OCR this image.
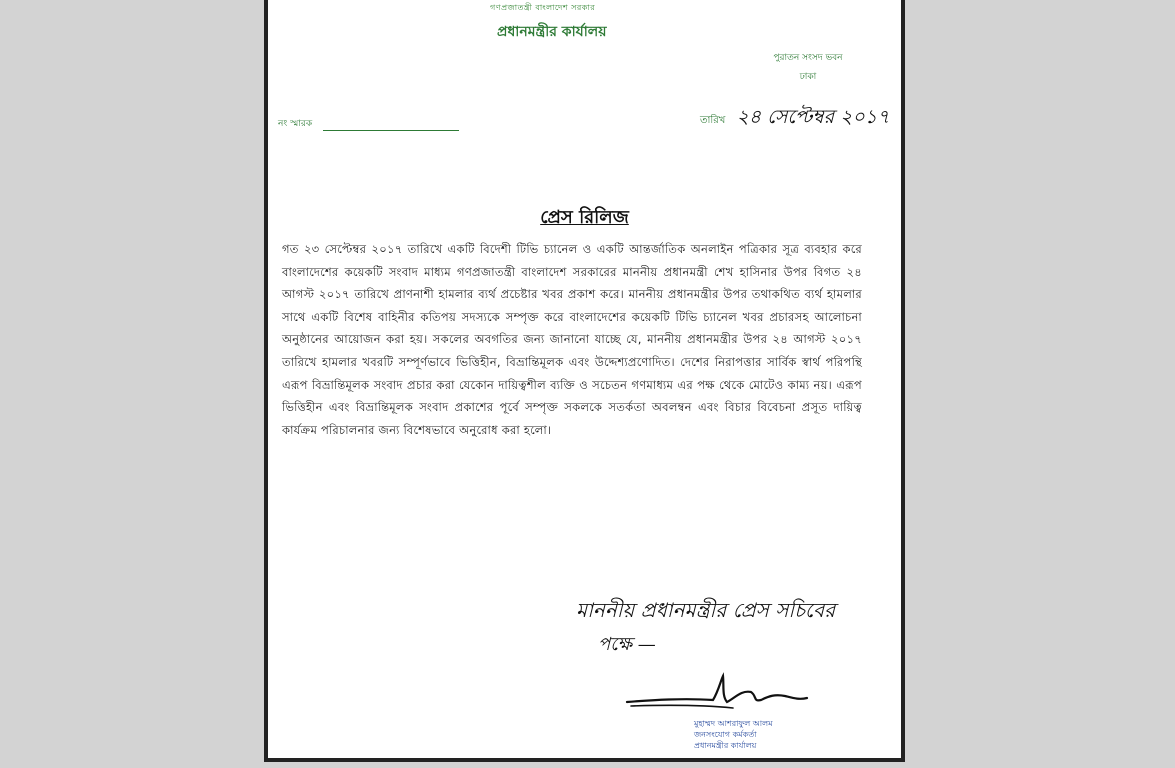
গণপ্রজাতন্ত্রী বাংলাদেশ সরকার
প্রধানমন্ত্রীর কার্যালয়
পুরাতন সংসদ ভবন
ঢাকা
নং স্মারক	তারিখ ২৪ সেপ্টেম্বর ২০১৭
প্রেস রিলিজ
গত ২৩ সেপ্টেম্বর ২০১৭ তারিখে একটি বিদেশী টিভি চ্যানেল ও একটি আন্তর্জাতিক অনলাইন পত্রিকার সূত্র ব্যবহার করে বাংলাদেশের কয়েকটি সংবাদ মাধ্যম গণপ্রজাতন্ত্রী বাংলাদেশ সরকারের মাননীয় প্রধানমন্ত্রী শেখ হাসিনার উপর বিগত ২৪ আগস্ট ২০১৭ তারিখে প্রাণনাশী হামলার ব্যর্থ প্রচেষ্টার খবর প্রকাশ করে। মাননীয় প্রধানমন্ত্রীর উপর তথাকথিত ব্যর্থ হামলার সাথে একটি বিশেষ বাহিনীর কতিপয় সদস্যকে সম্পৃক্ত করে বাংলাদেশের কয়েকটি টিভি চ্যানেল খবর প্রচারসহ আলোচনা অনুষ্ঠানের আয়োজন করা হয়। সকলের অবগতির জন্য জানানো যাচ্ছে যে, মাননীয় প্রধানমন্ত্রীর উপর ২৪ আগস্ট ২০১৭ তারিখে হামলার খবরটি সম্পূর্ণভাবে ভিত্তিহীন, বিভ্রান্তিমূলক এবং উদ্দেশ্যপ্রণোদিত। দেশের নিরাপত্তার সার্বিক স্বার্থ পরিপন্থি এরূপ বিভ্রান্তিমূলক সংবাদ প্রচার করা যেকোন দায়িত্বশীল ব্যক্তি ও সচেতন গণমাধ্যম এর পক্ষ থেকে মোটেও কাম্য নয়। এরূপ ভিত্তিহীন এবং বিভ্রান্তিমূলক সংবাদ প্রকাশের পূর্বে সম্পৃক্ত সকলকে সতর্কতা অবলম্বন এবং বিচার বিবেচনা প্রসূত দায়িত্ব কার্যক্রম পরিচালনার জন্য বিশেষভাবে অনুরোধ করা হলো।
মাননীয় প্রধানমন্ত্রীর প্রেস সচিবের
পক্ষে —
মুহাম্মদ আশরাফুল আলম
জনসংযোগ কর্মকর্তা
প্রধানমন্ত্রীর কার্যালয়
